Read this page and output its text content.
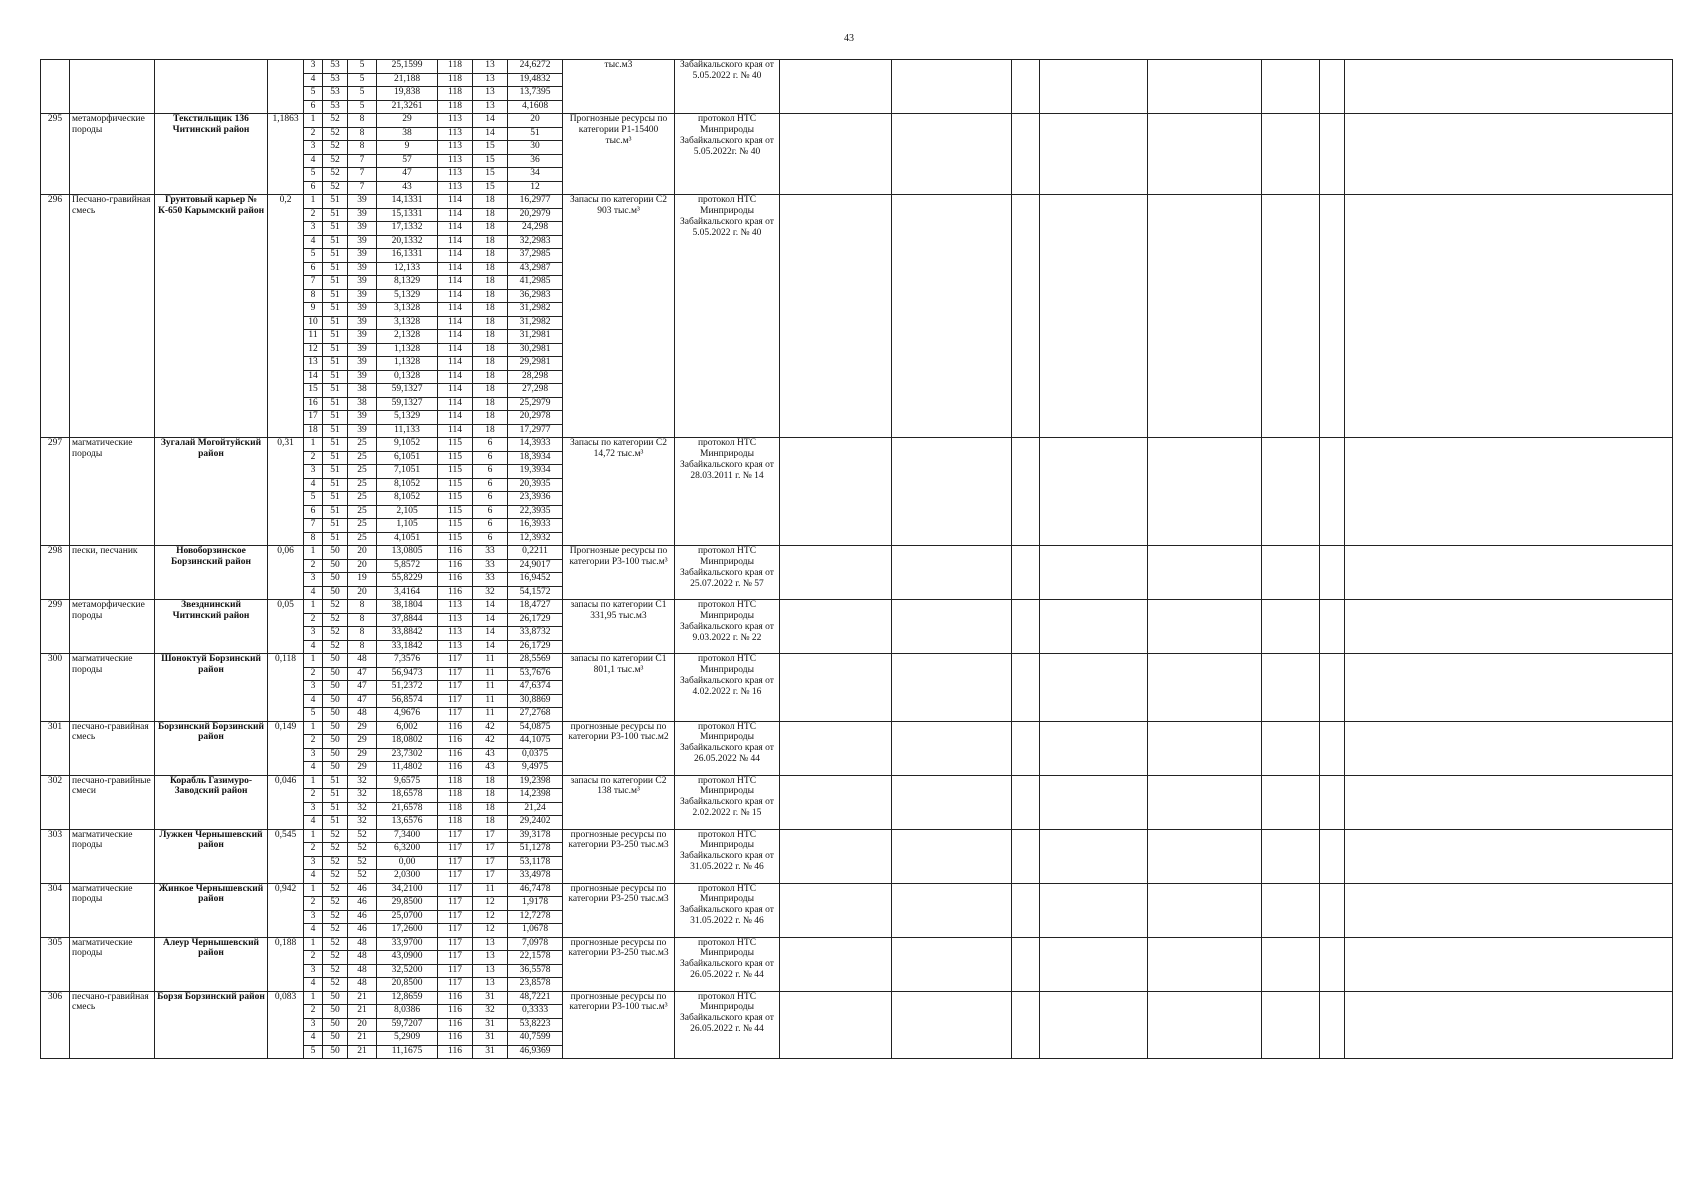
43
				3	53	5	25,1599	118	13	24,6272	тыс.м3	Забайкальского края от 5.05.2022 г. № 40								
				4	53	5	21,188	118	13	19,4832										
				5	53	5	19,838	118	13	13,7395										
				6	53	5	21,3261	118	13	4,1608										
295	метаморфические породы	Текстильщик 136 Читинский район	1,1863	1	52	8	29	113	14	20	Прогнозные ресурсы по категории P1-15400 тыс.м³	протокол НТС Минприроды Забайкальского края от 5.05.2022г. № 40								
				2	52	8	38	113	14	51										
				3	52	8	9	113	15	30										
				4	52	7	57	113	15	36										
				5	52	7	47	113	15	34										
				6	52	7	43	113	15	12										
296	Песчано-гравийная смесь	Грунтовый карьер № К-650 Карымский район	0,2	1	51	39	14,1331	114	18	16,2977	Запасы по категории C2 903 тыс.м³	протокол НТС Минприроды Забайкальского края от 5.05.2022 г. № 40								
				2	51	39	15,1331	114	18	20,2979										
				3	51	39	17,1332	114	18	24,298										
				4	51	39	20,1332	114	18	32,2983										
				5	51	39	16,1331	114	18	37,2985										
				6	51	39	12,133	114	18	43,2987										
				7	51	39	8,1329	114	18	41,2985										
				8	51	39	5,1329	114	18	36,2983										
				9	51	39	3,1328	114	18	31,2982										
				10	51	39	3,1328	114	18	31,2982										
				11	51	39	2,1328	114	18	31,2981										
				12	51	39	1,1328	114	18	30,2981										
				13	51	39	1,1328	114	18	29,2981										
				14	51	39	0,1328	114	18	28,298										
				15	51	38	59,1327	114	18	27,298										
				16	51	38	59,1327	114	18	25,2979										
				17	51	39	5,1329	114	18	20,2978										
				18	51	39	11,133	114	18	17,2977										
297	магматические породы	Зугалай Могойтуйский район	0,31	1	51	25	9,1052	115	6	14,3933	Запасы по категории C2 14,72 тыс.м³	протокол НТС Минприроды Забайкальского края от 28.03.2011 г. № 14								
				2	51	25	6,1051	115	6	18,3934										
				3	51	25	7,1051	115	6	19,3934										
				4	51	25	8,1052	115	6	20,3935										
				5	51	25	8,1052	115	6	23,3936										
				6	51	25	2,105	115	6	22,3935										
				7	51	25	1,105	115	6	16,3933										
				8	51	25	4,1051	115	6	12,3932										
298	пески, песчаник	Новоборзинское Борзинский район	0,06	1	50	20	13,0805	116	33	0,2211	Прогнозные ресурсы по категории P3-100 тыс.м³	протокол НТС Минприроды Забайкальского края от 25.07.2022 г. № 57								
				2	50	20	5,8572	116	33	24,9017										
				3	50	19	55,8229	116	33	16,9452										
				4	50	20	3,4164	116	32	54,1572										
299	метаморфические породы	Звезднинский Читинский район	0,05	1	52	8	38,1804	113	14	18,4727	запасы по категории C1 331,95 тыс.м3	протокол НТС Минприроды Забайкальского края от 9.03.2022 г. № 22								
				2	52	8	37,8844	113	14	26,1729										
				3	52	8	33,8842	113	14	33,8732										
				4	52	8	33,1842	113	14	26,1729										
300	магматические породы	Шоноктуй Борзинский район	0,118	1	50	48	7,3576	117	11	28,5569	запасы по категории C1 801,1 тыс.м³	протокол НТС Минприроды Забайкальского края от 4.02.2022 г. № 16								
				2	50	47	56,9473	117	11	53,7676										
				3	50	47	51,2372	117	11	47,6374										
				4	50	47	56,8574	117	11	30,8869										
				5	50	48	4,9676	117	11	27,2768										
301	песчано-гравийная смесь	Борзинский Борзинский район	0,149	1	50	29	6,002	116	42	54,0875	прогнозные ресурсы по категории P3-100 тыс.м2	протокол НТС Минприроды Забайкальского края от 26.05.2022 № 44								
				2	50	29	18,0802	116	42	44,1075										
				3	50	29	23,7302	116	43	0,0375										
				4	50	29	11,4802	116	43	9,4975										
302	песчано-гравийные смеси	Корабль Газимуро-Заводский район	0,046	1	51	32	9,6575	118	18	19,2398	запасы по категории C2 138 тыс.м³	протокол НТС Минприроды Забайкальского края от 2.02.2022 г. № 15								
				2	51	32	18,6578	118	18	14,2398										
				3	51	32	21,6578	118	18	21,24										
				4	51	32	13,6576	118	18	29,2402										
303	магматические породы	Лужкен Чернышевский район	0,545	1	52	52	7,3400	117	17	39,3178	прогнозные ресурсы по категории P3-250 тыс.м3	протокол НТС Минприроды Забайкальского края от 31.05.2022 г. № 46								
				2	52	52	6,3200	117	17	51,1278										
				3	52	52	0,00	117	17	53,1178										
				4	52	52	2,0300	117	17	33,4978										
304	магматические породы	Жинкое Чернышевский район	0,942	1	52	46	34,2100	117	11	46,7478	прогнозные ресурсы по категории P3-250 тыс.м3	протокол НТС Минприроды Забайкальского края от 31.05.2022 г. № 46								
				2	52	46	29,8500	117	12	1,9178										
				3	52	46	25,0700	117	12	12,7278										
				4	52	46	17,2600	117	12	1,0678										
305	магматические породы	Алеур Чернышевский район	0,188	1	52	48	33,9700	117	13	7,0978	прогнозные ресурсы по категории P3-250 тыс.м3	протокол НТС Минприроды Забайкальского края от 26.05.2022 г. № 44								
				2	52	48	43,0900	117	13	22,1578										
				3	52	48	32,5200	117	13	36,5578										
				4	52	48	20,8500	117	13	23,8578										
306	песчано-гравийная смесь	Борзя Борзинский район	0,083	1	50	21	12,8659	116	31	48,7221	прогнозные ресурсы по категории P3-100 тыс.м³	протокол НТС Минприроды Забайкальского края от 26.05.2022 г. № 44								
				2	50	21	8,0386	116	32	0,3333										
				3	50	20	59,7207	116	31	53,8223										
				4	50	21	5,2909	116	31	40,7599										
				5	50	21	11,1675	116	31	46,9369										
